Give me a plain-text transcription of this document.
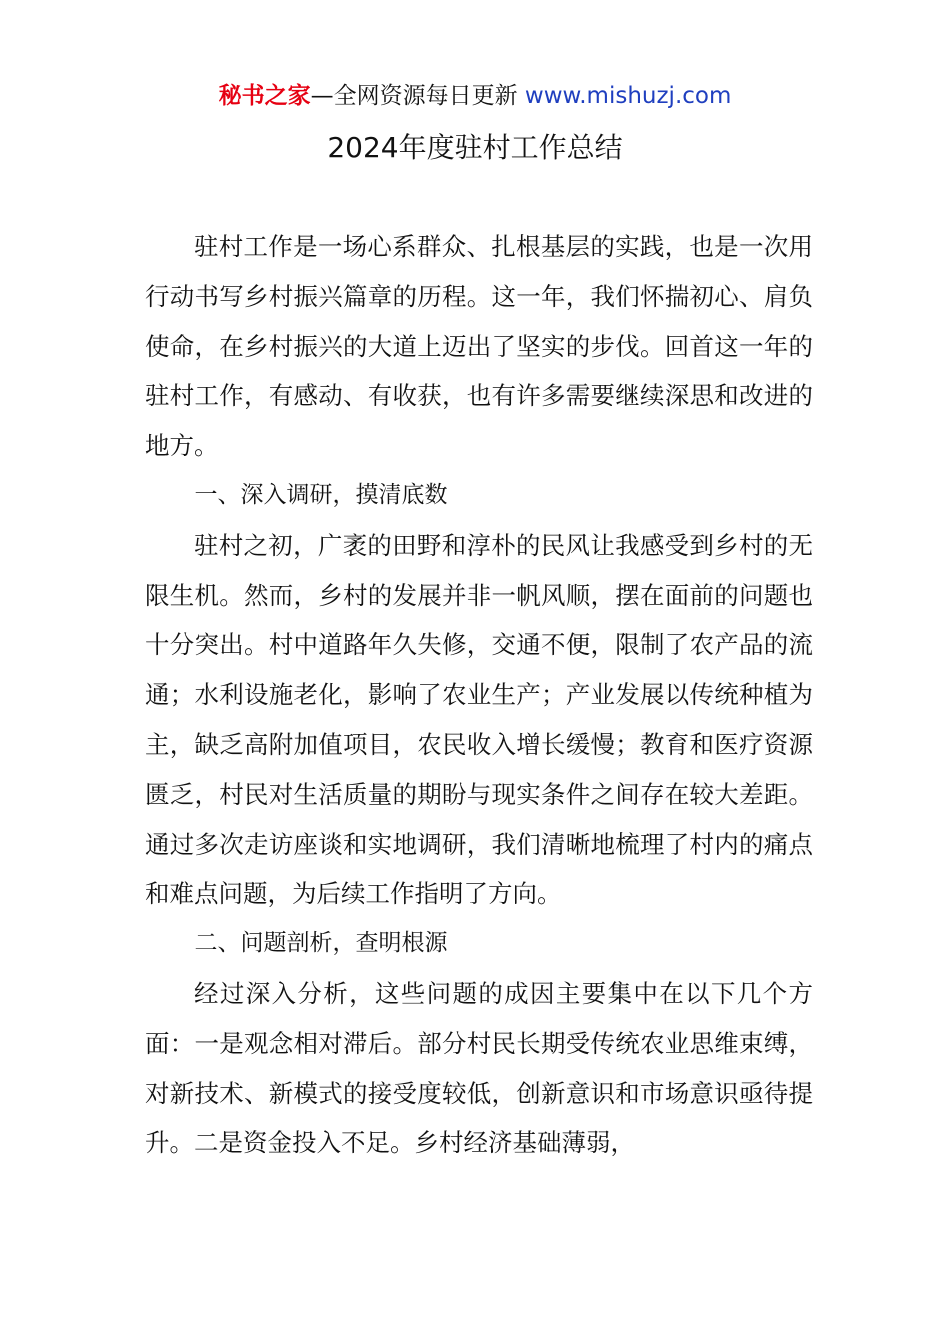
秘书之家—全网资源每日更新 www.mishuzj.com
2024年度驻村工作总结

驻村工作是一场心系群众、扎根基层的实践，也是一次用行动书写乡村振兴篇章的历程。这一年，我们怀揣初心、肩负使命，在乡村振兴的大道上迈出了坚实的步伐。回首这一年的驻村工作，有感动、有收获，也有许多需要继续深思和改进的地方。

一、深入调研，摸清底数

驻村之初，广袤的田野和淳朴的民风让我感受到乡村的无限生机。然而，乡村的发展并非一帆风顺，摆在面前的问题也十分突出。村中道路年久失修，交通不便，限制了农产品的流通；水利设施老化，影响了农业生产；产业发展以传统种植为主，缺乏高附加值项目，农民收入增长缓慢；教育和医疗资源匮乏，村民对生活质量的期盼与现实条件之间存在较大差距。通过多次走访座谈和实地调研，我们清晰地梳理了村内的痛点和难点问题，为后续工作指明了方向。

二、问题剖析，查明根源

经过深入分析，这些问题的成因主要集中在以下几个方面：一是观念相对滞后。部分村民长期受传统农业思维束缚，对新技术、新模式的接受度较低，创新意识和市场意识亟待提升。二是资金投入不足。乡村经济基础薄弱，
